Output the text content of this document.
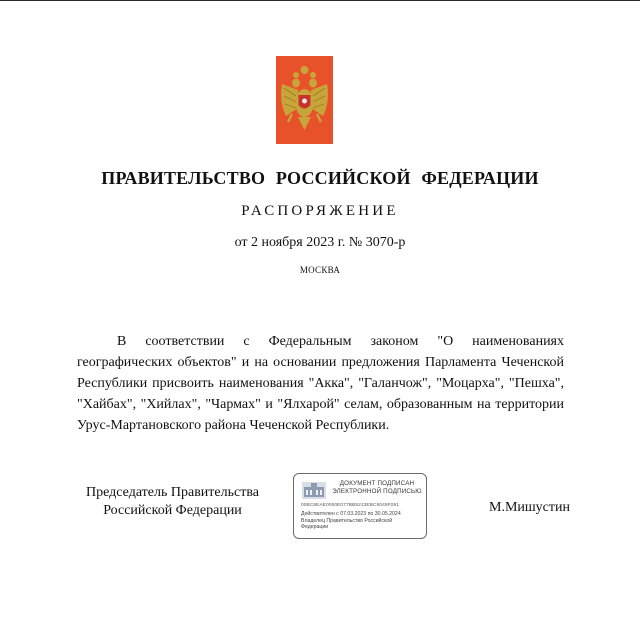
ПРАВИТЕЛЬСТВО РОССИЙСКОЙ ФЕДЕРАЦИИ
РАСПОРЯЖЕНИЕ
от 2 ноября 2023 г. № 3070-р
МОСКВА

В соответствии с Федеральным законом "О наименованиях географических объектов" и на основании предложения Парламента Чеченской Республики присвоить наименования "Акка", "Галанчож", "Моцарха", "Пешха", "Хайбах", "Хийлах", "Чармах" и "Ялхарой" селам, образованным на территории Урус-Мартановского района Чеченской Республики.

Председатель Правительства
Российской Федерации
ДОКУМЕНТ ПОДПИСАН
ЭЛЕКТРОННОЙ ПОДПИСЬЮ
00BC6EAE0000E077BB5213EBC6049F091
Действителен с 07.03.2023 по 30.05.2024
Владелец Правительство Российской
Федерации
М.Мишустин
